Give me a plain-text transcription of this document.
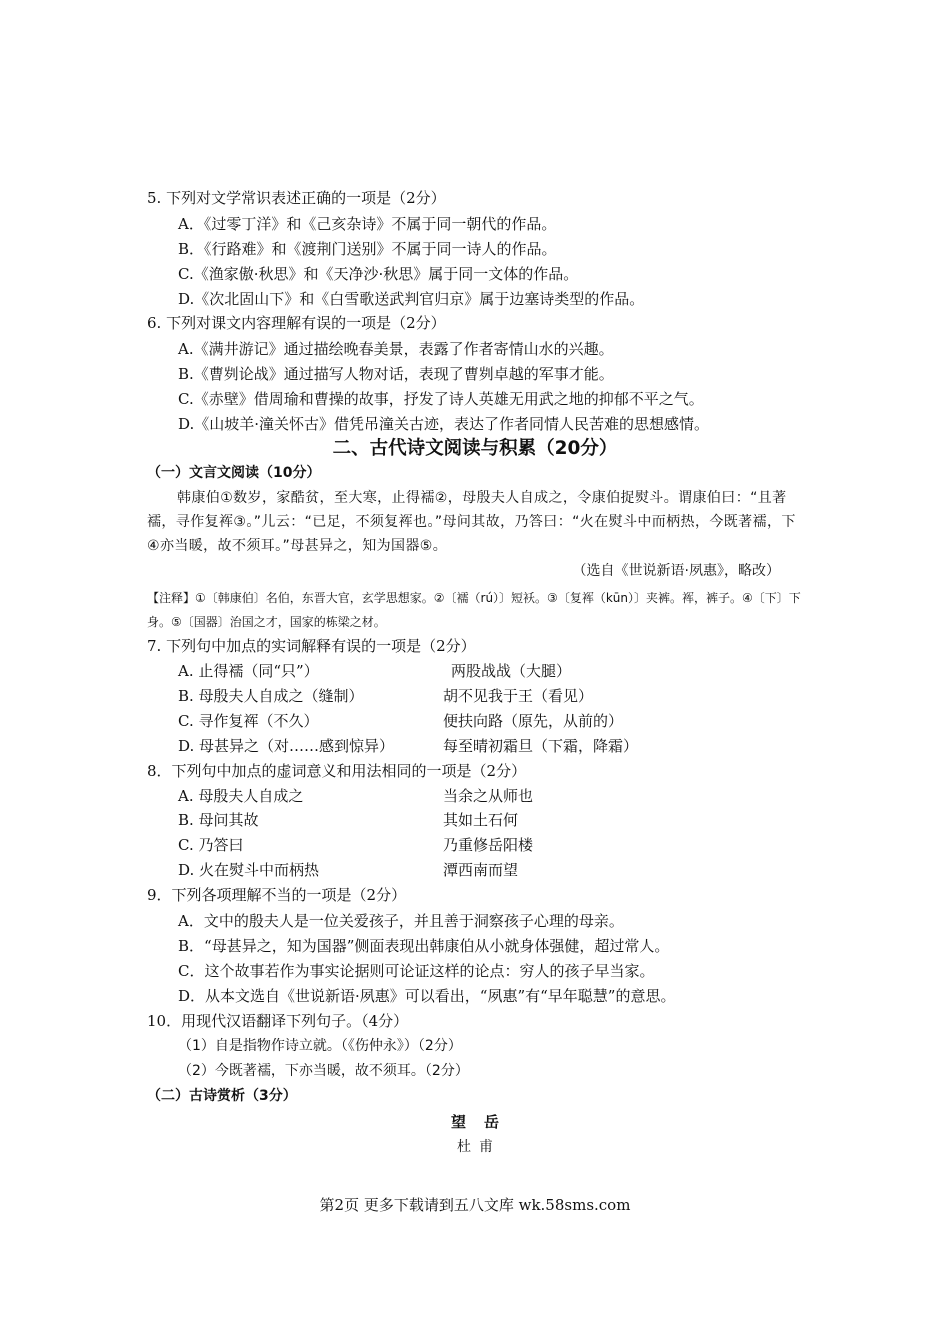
5. 下列对文学常识表述正确的一项是（2分）
A．《过零丁洋》和《己亥杂诗》不属于同一朝代的作品。
B．《行路难》和《渡荆门送别》不属于同一诗人的作品。
C.《渔家傲·秋思》和《天净沙·秋思》属于同一文体的作品。
D.《次北固山下》和《白雪歌送武判官归京》属于边塞诗类型的作品。
6. 下列对课文内容理解有误的一项是（2分）
A.《满井游记》通过描绘晚春美景，表露了作者寄情山水的兴趣。
B.《曹刿论战》通过描写人物对话，表现了曹刿卓越的军事才能。
C.《赤壁》借周瑜和曹操的故事，抒发了诗人英雄无用武之地的抑郁不平之气。
D.《山坡羊·潼关怀古》借凭吊潼关古迹，表达了作者同情人民苦难的思想感情。
二、古代诗文阅读与积累（20分）
（一）文言文阅读（10分）
韩康伯①数岁，家酷贫，至大寒，止得襦②，母殷夫人自成之，令康伯捉熨斗。谓康伯曰：“且著襦，寻作复裈③。”儿云：“已足，不须复裈也。”母问其故，乃答曰：“火在熨斗中而柄热，今既著襦，下④亦当暖，故不须耳。”母甚异之，知为国器⑤。
（选自《世说新语·夙惠》，略改）
【注释】①〔韩康伯〕名伯，东晋大官，玄学思想家。②〔襦（rú）〕短袄。③〔复裈（kūn）〕夹裤。裈，裤子。④〔下〕下身。⑤〔国器〕治国之才，国家的栋梁之材。
7. 下列句中加点的实词解释有误的一项是（2分）
A. 止得襦（同“只”）	两股战战（大腿）
B. 母殷夫人自成之（缝制）	胡不见我于王（看见）
C. 寻作复裈（不久）	便扶向路（原先，从前的）
D. 母甚异之（对……感到惊异）	每至晴初霜旦（下霜，降霜）
8．下列句中加点的虚词意义和用法相同的一项是（2分）
A. 母殷夫人自成之	当余之从师也
B. 母问其故	其如土石何
C. 乃答曰	乃重修岳阳楼
D. 火在熨斗中而柄热	潭西南而望
9．下列各项理解不当的一项是（2分）
A．文中的殷夫人是一位关爱孩子，并且善于洞察孩子心理的母亲。
B．“母甚异之，知为国器”侧面表现出韩康伯从小就身体强健，超过常人。
C．这个故事若作为事实论据则可论证这样的论点：穷人的孩子早当家。
D．从本文选自《世说新语·夙惠》可以看出，“夙惠”有“早年聪慧”的意思。
10．用现代汉语翻译下列句子。（4分）
（1）自是指物作诗立就。（《伤仲永》）（2分）
（2）今既著襦，下亦当暖，故不须耳。（2分）
（二）古诗赏析（3分）
望岳
杜甫
第2页 更多下载请到五八文库 wk.58sms.com
